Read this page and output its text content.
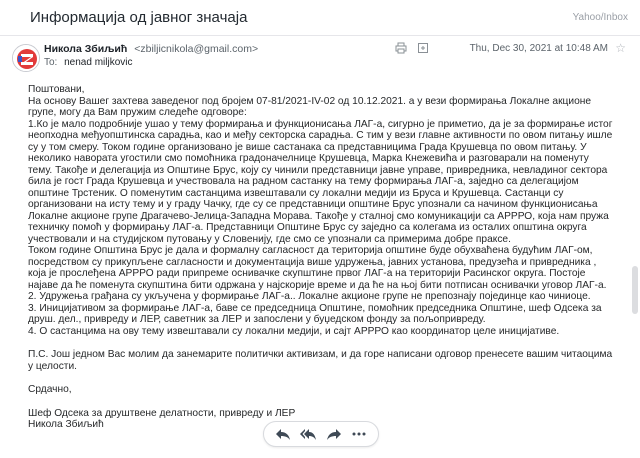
Информација од јавног значаја	Yahoo/Inbox
Никола Збиљић <zbiljicnikola@gmail.com>
To: nenad miljkovic
Thu, Dec 30, 2021 at 10:48 AM ☆

Поштовани,

На основу Вашег захтева заведеног под бројем 07-81/2021-IV-02 од 10.12.2021. а у вези формирања Локалне акционе групе, могу да Вам пружим следеће одговоре:

1.Ко је мало подробније ушао у тему формирања и функционисања ЛАГ-а, сигурно је приметио, да је за формирање истог неопходна међуопштинска сарадња, као и међу секторска сарадња. С тим у вези главне активности по овом питању ишле су у том смеру. Током године организовано је више састанака са представницима Града Крушевца по овом питању. У неколико навората угостили смо помоћника градоначелнице Крушевца, Марка Кнежевића и разговарали на поменуту тему. Такође и делегација из Општине Брус, коју су чинили представници јавне управе, привредника, невладиног сектора била је гост Града Крушевца и учествовала на радном састанку на тему формирања ЛАГ-а, заједно са делегацијом општине Трстеник. О поменутим састанцима извештавали су локални медији из Бруса и Крушевца. Састанци су организовани на исту тему и у граду Чачку, где су се представници општине Брус упознали са начином функционисања Локалне акционе групе Драгачево-Јелица-Западна Морава. Такође у сталној смо комуникацији са АРРРО, која нам пружа техничку помоћ у формирању ЛАГ-а. Представници Општине Брус су заједно са колегама из осталих општина округа учествовали и на студијском путовању у Словенију, где смо се упознали са примерима добре праксе.

Током године Општина Брус је дала и формалну сагласност да територија општине буде обухваћена будућим ЛАГ-ом, посредством су прикупљене сагласности и документација више удружења, јавних установа, предузећа и привредника , која је прослеђена АРРРО ради припреме оснивачке скупштине првог ЛАГ-а на територији Расинског округа. Постоје најаве да ће поменута скупштина бити одржана у најскорије време и да ће на њој бити потписан оснивачки уговор ЛАГ-а.

2. Удружења грађана су укључена у формирање ЛАГ-а.. Локалне акционе групе не препознају појединце као чиниоце.

3. Иницијативом за формирање ЛАГ-а, баве се председница Општине, помоћник председника Општине, шеф Одсека за друш. дел., привреду и ЛЕР, саветник за ЛЕР и запослени у буџедском фонду за пољопривреду.

4. О састанцима на ову тему извештавали су локални медији, и сајт АРРРО као координатор целе иницијативе.

П.С. Још једном Вас молим да занемарите политички активизам, и да горе написани одговор пренесете вашим читаоцима у целости.

Срдачно,

Шеф Одсека за друштвене делатности, привреду и ЛЕР

Никола Збиљић
